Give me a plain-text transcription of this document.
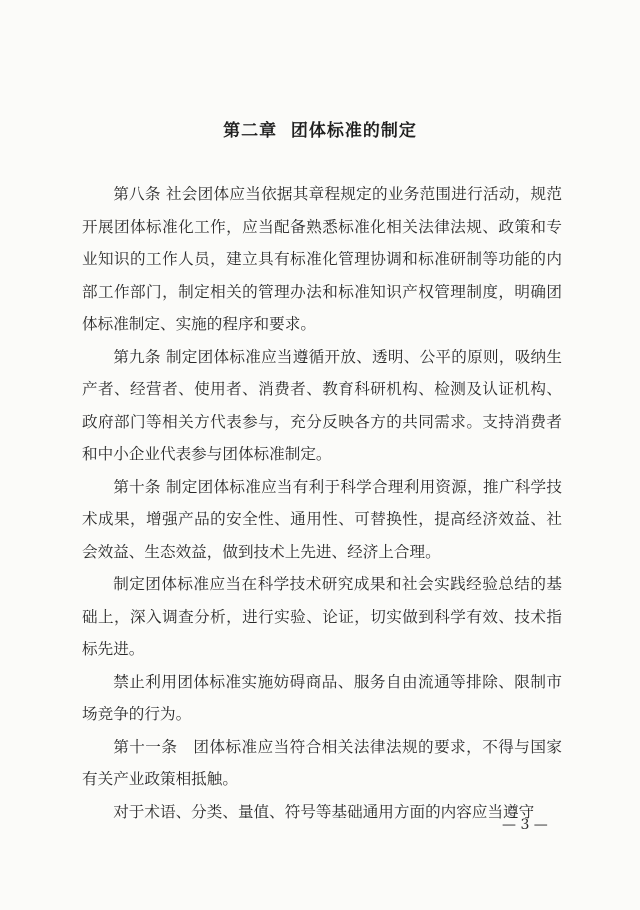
第二章  团体标准的制定

第八条 社会团体应当依据其章程规定的业务范围进行活动，规范开展团体标准化工作，应当配备熟悉标准化相关法律法规、政策和专业知识的工作人员，建立具有标准化管理协调和标准研制等功能的内部工作部门，制定相关的管理办法和标准知识产权管理制度，明确团体标准制定、实施的程序和要求。

第九条 制定团体标准应当遵循开放、透明、公平的原则，吸纳生产者、经营者、使用者、消费者、教育科研机构、检测及认证机构、政府部门等相关方代表参与，充分反映各方的共同需求。支持消费者和中小企业代表参与团体标准制定。

第十条 制定团体标准应当有利于科学合理利用资源，推广科学技术成果，增强产品的安全性、通用性、可替换性，提高经济效益、社会效益、生态效益，做到技术上先进、经济上合理。

制定团体标准应当在科学技术研究成果和社会实践经验总结的基础上，深入调查分析，进行实验、论证，切实做到科学有效、技术指标先进。

禁止利用团体标准实施妨碍商品、服务自由流通等排除、限制市场竞争的行为。

第十一条　团体标准应当符合相关法律法规的要求，不得与国家有关产业政策相抵触。

对于术语、分类、量值、符号等基础通用方面的内容应当遵守

— 3 —
